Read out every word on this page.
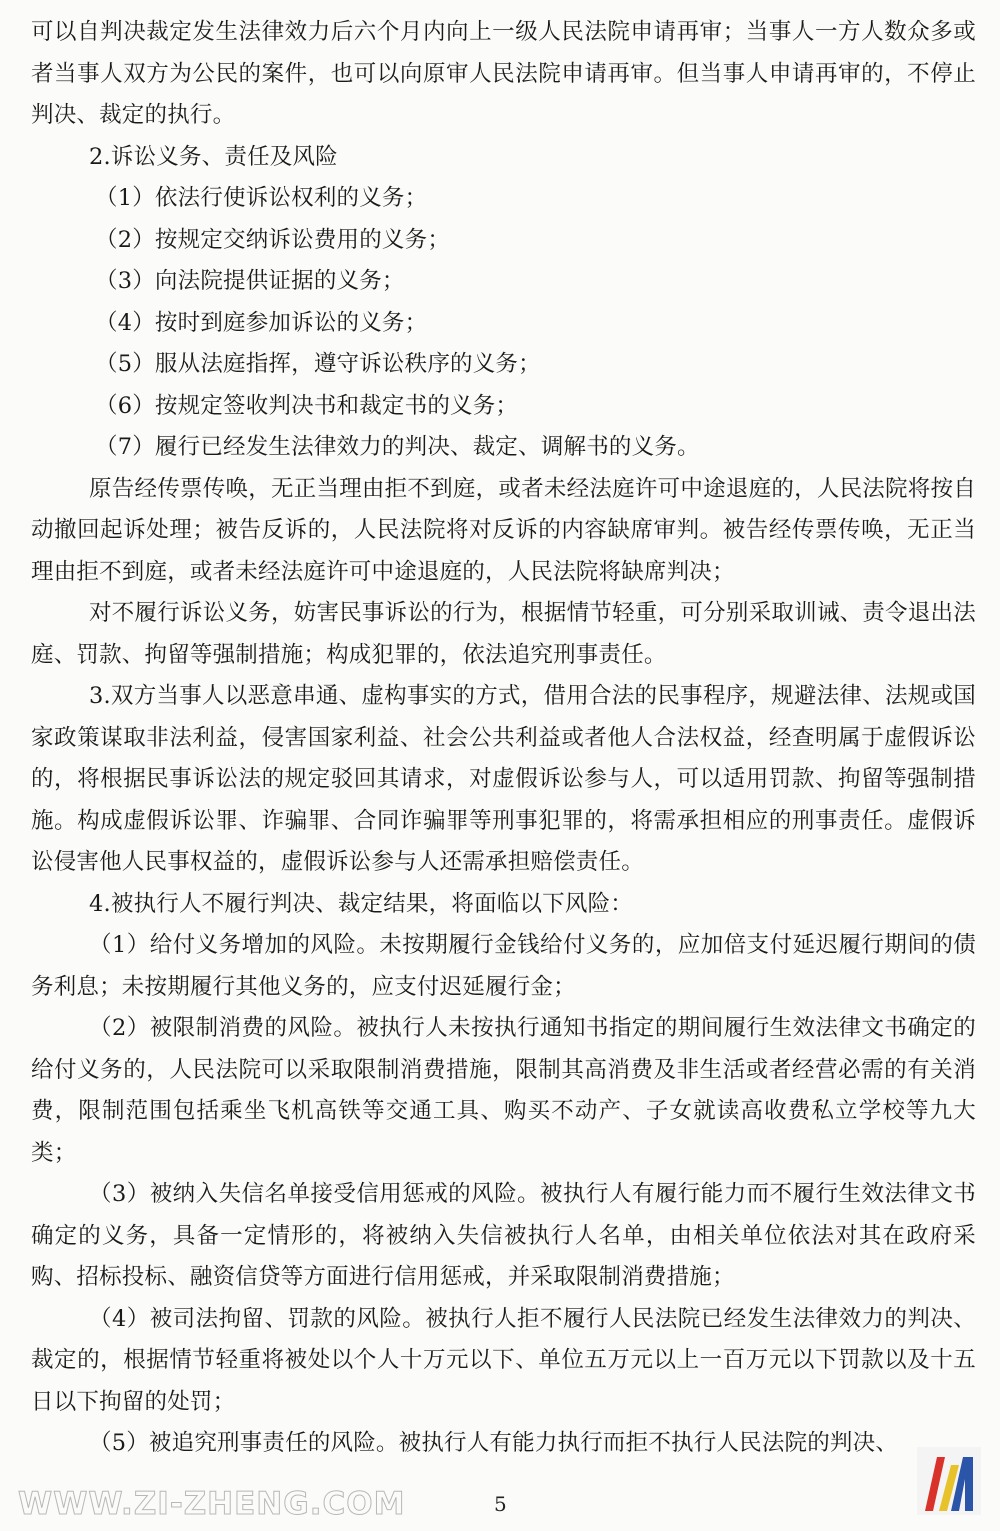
可以自判决裁定发生法律效力后六个月内向上一级人民法院申请再审；当事人一方人数众多或者当事人双方为公民的案件，也可以向原审人民法院申请再审。但当事人申请再审的，不停止判决、裁定的执行。

2.诉讼义务、责任及风险

（1）依法行使诉讼权利的义务；

（2）按规定交纳诉讼费用的义务；

（3）向法院提供证据的义务；

（4）按时到庭参加诉讼的义务；

（5）服从法庭指挥，遵守诉讼秩序的义务；

（6）按规定签收判决书和裁定书的义务；

（7）履行已经发生法律效力的判决、裁定、调解书的义务。

原告经传票传唤，无正当理由拒不到庭，或者未经法庭许可中途退庭的，人民法院将按自动撤回起诉处理；被告反诉的，人民法院将对反诉的内容缺席审判。被告经传票传唤，无正当理由拒不到庭，或者未经法庭许可中途退庭的，人民法院将缺席判决；

对不履行诉讼义务，妨害民事诉讼的行为，根据情节轻重，可分别采取训诫、责令退出法庭、罚款、拘留等强制措施；构成犯罪的，依法追究刑事责任。

3.双方当事人以恶意串通、虚构事实的方式，借用合法的民事程序，规避法律、法规或国家政策谋取非法利益，侵害国家利益、社会公共利益或者他人合法权益，经查明属于虚假诉讼的，将根据民事诉讼法的规定驳回其请求，对虚假诉讼参与人，可以适用罚款、拘留等强制措施。构成虚假诉讼罪、诈骗罪、合同诈骗罪等刑事犯罪的，将需承担相应的刑事责任。虚假诉讼侵害他人民事权益的，虚假诉讼参与人还需承担赔偿责任。

4.被执行人不履行判决、裁定结果，将面临以下风险：

（1）给付义务增加的风险。未按期履行金钱给付义务的，应加倍支付延迟履行期间的债务利息；未按期履行其他义务的，应支付迟延履行金；

（2）被限制消费的风险。被执行人未按执行通知书指定的期间履行生效法律文书确定的给付义务的，人民法院可以采取限制消费措施，限制其高消费及非生活或者经营必需的有关消费，限制范围包括乘坐飞机高铁等交通工具、购买不动产、子女就读高收费私立学校等九大类；

（3）被纳入失信名单接受信用惩戒的风险。被执行人有履行能力而不履行生效法律文书确定的义务，具备一定情形的，将被纳入失信被执行人名单，由相关单位依法对其在政府采购、招标投标、融资信贷等方面进行信用惩戒，并采取限制消费措施；

（4）被司法拘留、罚款的风险。被执行人拒不履行人民法院已经发生法律效力的判决、裁定的，根据情节轻重将被处以个人十万元以下、单位五万元以上一百万元以下罚款以及十五日以下拘留的处罚；

（5）被追究刑事责任的风险。被执行人有能力执行而拒不执行人民法院的判决、

WWW.ZI-ZHENG.COM	5
